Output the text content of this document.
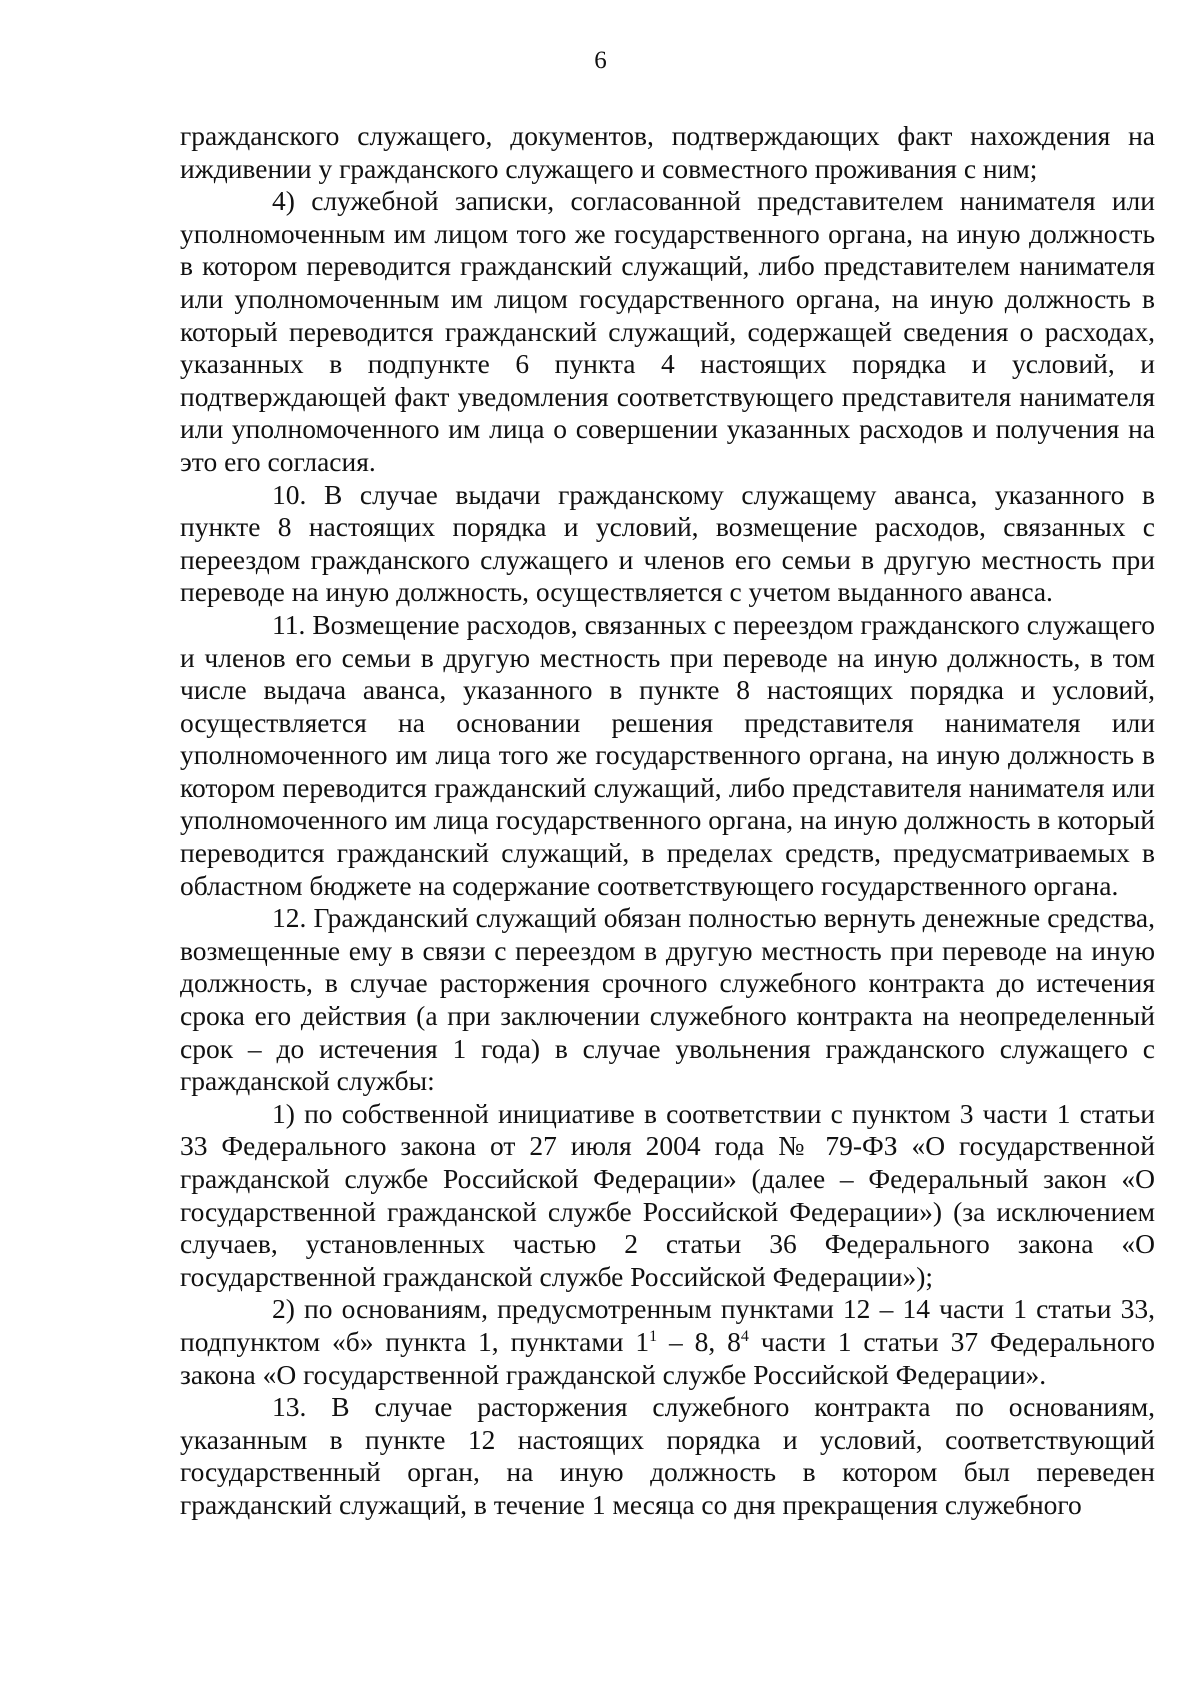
6

гражданского служащего, документов, подтверждающих факт нахождения на иждивении у гражданского служащего и совместного проживания с ним;

4) служебной записки, согласованной представителем нанимателя или уполномоченным им лицом того же государственного органа, на иную должность в котором переводится гражданский служащий, либо представителем нанимателя или уполномоченным им лицом государственного органа, на иную должность в который переводится гражданский служащий, содержащей сведения о расходах, указанных в подпункте 6 пункта 4 настоящих порядка и условий, и подтверждающей факт уведомления соответствующего представителя нанимателя или уполномоченного им лица о совершении указанных расходов и получения на это его согласия.

10. В случае выдачи гражданскому служащему аванса, указанного в пункте 8 настоящих порядка и условий, возмещение расходов, связанных с переездом гражданского служащего и членов его семьи в другую местность при переводе на иную должность, осуществляется с учетом выданного аванса.

11. Возмещение расходов, связанных с переездом гражданского служащего и членов его семьи в другую местность при переводе на иную должность, в том числе выдача аванса, указанного в пункте 8 настоящих порядка и условий, осуществляется на основании решения представителя нанимателя или уполномоченного им лица того же государственного органа, на иную должность в котором переводится гражданский служащий, либо представителя нанимателя или уполномоченного им лица государственного органа, на иную должность в который переводится гражданский служащий, в пределах средств, предусматриваемых в областном бюджете на содержание соответствующего государственного органа.

12. Гражданский служащий обязан полностью вернуть денежные средства, возмещенные ему в связи с переездом в другую местность при переводе на иную должность, в случае расторжения срочного служебного контракта до истечения срока его действия (а при заключении служебного контракта на неопределенный срок – до истечения 1 года) в случае увольнения гражданского служащего с гражданской службы:

1) по собственной инициативе в соответствии с пунктом 3 части 1 статьи 33 Федерального закона от 27 июля 2004 года № 79-ФЗ «О государственной гражданской службе Российской Федерации» (далее – Федеральный закон «О государственной гражданской службе Российской Федерации») (за исключением случаев, установленных частью 2 статьи 36 Федерального закона «О государственной гражданской службе Российской Федерации»);

2) по основаниям, предусмотренным пунктами 12 – 14 части 1 статьи 33, подпунктом «б» пункта 1, пунктами $1^1 - 8$, $8^4$ части 1 статьи 37 Федерального закона «О государственной гражданской службе Российской Федерации».

13. В случае расторжения служебного контракта по основаниям, указанным в пункте 12 настоящих порядка и условий, соответствующий государственный орган, на иную должность в котором был переведен гражданский служащий, в течение 1 месяца со дня прекращения служебного
